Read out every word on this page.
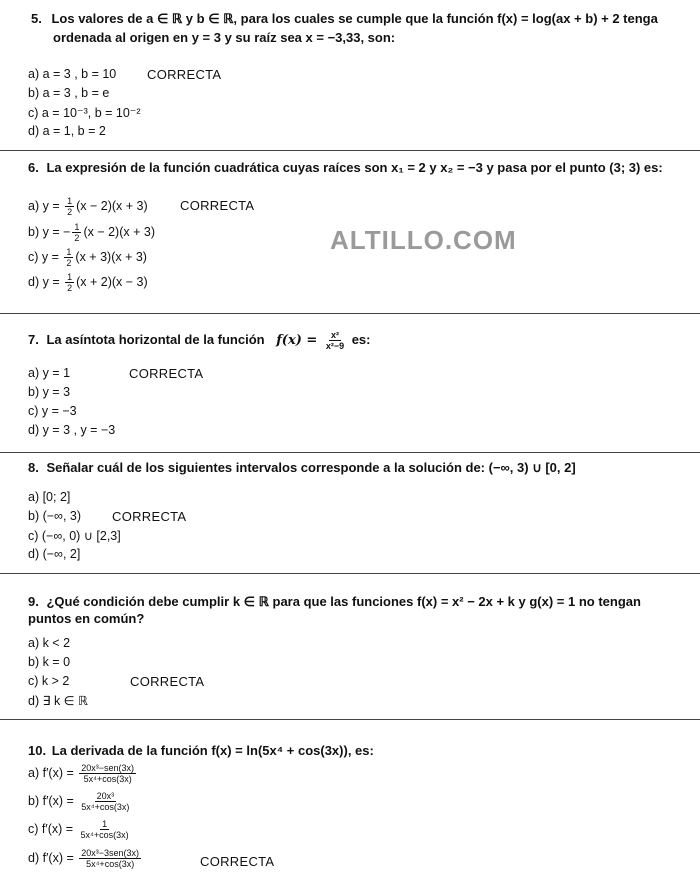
ALTILLO.COM
5. Los valores de a ∈ ℝ y b ∈ ℝ, para los cuales se cumple que la función f(x) = log(ax + b) + 2 tenga
ordenada al origen en y = 3 y su raíz sea x = −3,33, son:
a) a = 3 , b = 10 CORRECTA
b) a = 3 , b = e
c) a = 10⁻³, b = 10⁻²
d) a = 1, b = 2
6. La expresión de la función cuadrática cuyas raíces son x₁ = 2 y x₂ = −3 y pasa por el punto (3; 3) es:
a) $y = \frac{1}{2} (x - 2)(x + 3)$ CORRECTA
b) y = − $\frac{1}{2} (x - 2)(x + 3)$
c) $y = \frac{1}{2} (x + 3)(x + 3)$
d) $y = \frac{1}{2} (x + 2)(x - 3)$
7. La asíntota horizontal de la función $f(x) = \frac{\text{x²}}{\text{x²−9}}$ es:
a) y = 1	CORRECTA
b) y = 3
c) y = −3
d) y = 3 , y = −3
8. Señalar cuál de los siguientes intervalos corresponde a la solución de: (−∞, 3) ∪ [0, 2]
a) [0; 2]
b) (−∞, 3) CORRECTA
c) (−∞, 0) ∪ [2,3]
d) (−∞, 2]
9. ¿Qué condición debe cumplir k ∈ ℝ para que las funciones f(x) = x² − 2x + k y g(x) = 1 no tengan
puntos en común?
a) k < 2
b) k = 0
c) k > 2	CORRECTA
d) ∃ k ∈ ℝ
10. La derivada de la función f(x) = ln(5x⁴ + cos(3x)), es:
a) $f'(x) = \frac{\text{20x³−sen(3x)}}{\text{5x⁴+cos(3x)}}$
b) $f'(x) = \frac{\text{20x³}}{\text{5x⁴+cos(3x)}}$
c) $f'(x) = \frac{1}{\text{5x⁴+cos(3x)}}$
d) $f'(x) = \frac{\text{20x³−3sen(3x)}}{\text{5x⁴+cos(3x)}}$	CORRECTA
